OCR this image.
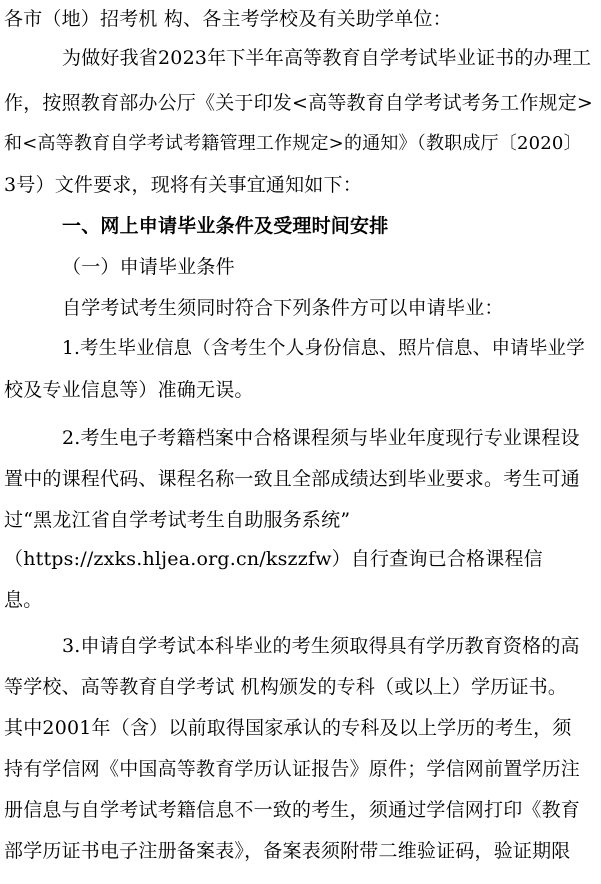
各市（地）招考机 构、各主考学校及有关助学单位：
为做好我省2023年下半年高等教育自学考试毕业证书的办理工
作，按照教育部办公厅《关于印发<高等教育自学考试考务工作规定>
和<高等教育自学考试考籍管理工作规定>的通知》（教职成厅〔2020〕
3号）文件要求，现将有关事宜通知如下：
一、网上申请毕业条件及受理时间安排
（一）申请毕业条件
自学考试考生须同时符合下列条件方可以申请毕业：
1.考生毕业信息（含考生个人身份信息、照片信息、申请毕业学
校及专业信息等）准确无误。
2.考生电子考籍档案中合格课程须与毕业年度现行专业课程设
置中的课程代码、课程名称一致且全部成绩达到毕业要求。考生可通
过“黑龙江省自学考试考生自助服务系统”
（https://zxks.hljea.org.cn/kszzfw）自行查询已合格课程信
息。
3.申请自学考试本科毕业的考生须取得具有学历教育资格的高
等学校、高等教育自学考试 机构颁发的专科（或以上）学历证书。
其中2001年（含）以前取得国家承认的专科及以上学历的考生，须
持有学信网《中国高等教育学历认证报告》原件；学信网前置学历注
册信息与自学考试考籍信息不一致的考生，须通过学信网打印《教育
部学历证书电子注册备案表》，备案表须附带二维验证码，验证期限
